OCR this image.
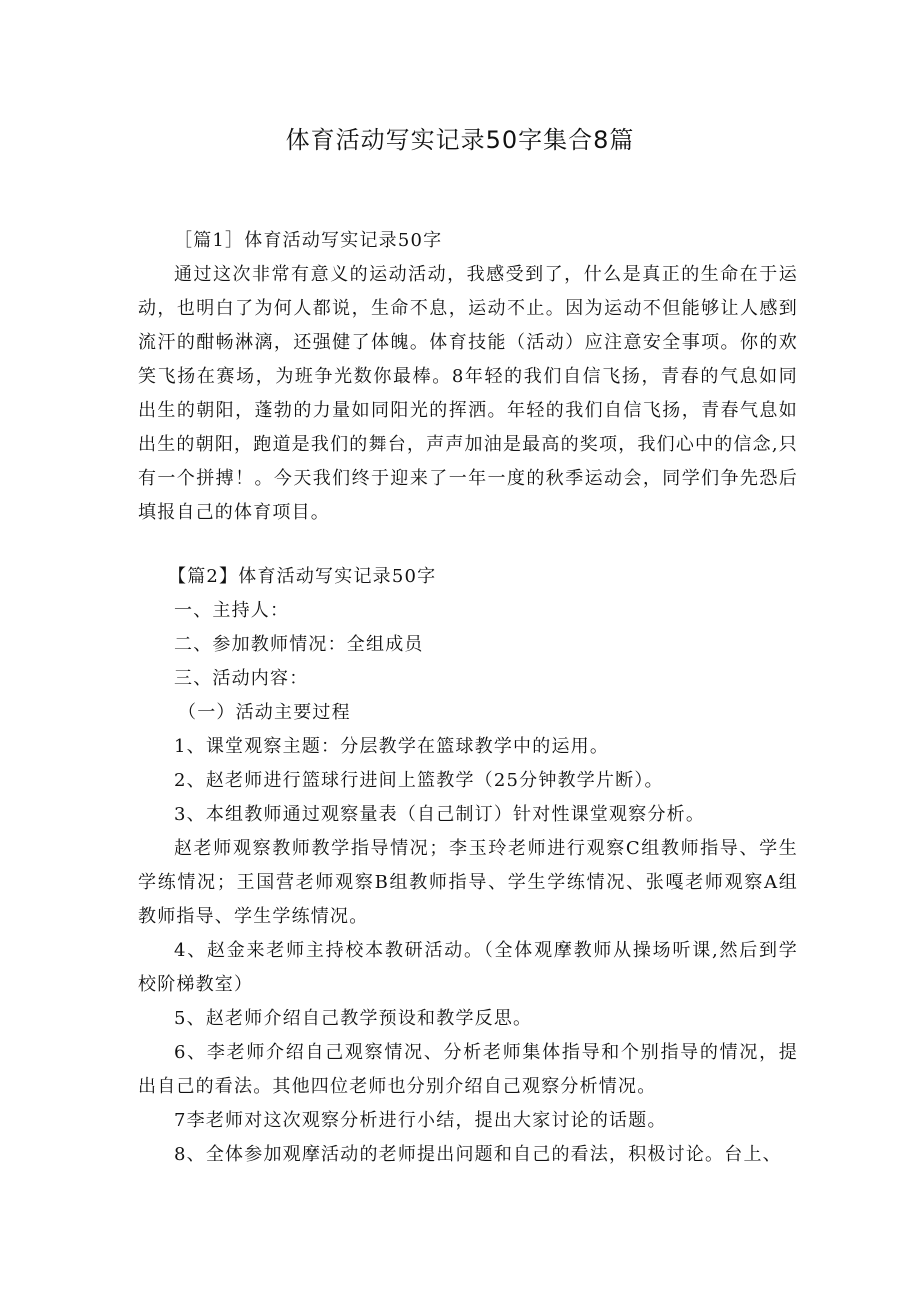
体育活动写实记录50字集合8篇

［篇1］体育活动写实记录50字

通过这次非常有意义的运动活动，我感受到了，什么是真正的生命在于运动，也明白了为何人都说，生命不息，运动不止。因为运动不但能够让人感到流汗的酣畅淋漓，还强健了体魄。体育技能（活动）应注意安全事项。你的欢笑飞扬在赛场，为班争光数你最棒。8年轻的我们自信飞扬，青春的气息如同出生的朝阳，蓬勃的力量如同阳光的挥洒。年轻的我们自信飞扬，青春气息如出生的朝阳，跑道是我们的舞台，声声加油是最高的奖项，我们心中的信念,只有一个拼搏！。今天我们终于迎来了一年一度的秋季运动会，同学们争先恐后填报自己的体育项目。

【篇2】体育活动写实记录50字

一、主持人：

二、参加教师情况：全组成员

三、活动内容：

（一）活动主要过程

1、课堂观察主题：分层教学在篮球教学中的运用。

2、赵老师进行篮球行进间上篮教学（25分钟教学片断）。

3、本组教师通过观察量表（自己制订）针对性课堂观察分析。

赵老师观察教师教学指导情况；李玉玲老师进行观察C组教师指导、学生学练情况；王国营老师观察B组教师指导、学生学练情况、张嘎老师观察A组教师指导、学生学练情况。

4、赵金来老师主持校本教研活动。（全体观摩教师从操场听课,然后到学校阶梯教室）

5、赵老师介绍自己教学预设和教学反思。

6、李老师介绍自己观察情况、分析老师集体指导和个别指导的情况，提出自己的看法。其他四位老师也分别介绍自己观察分析情况。

7李老师对这次观察分析进行小结，提出大家讨论的话题。

8、全体参加观摩活动的老师提出问题和自己的看法，积极讨论。台上、
